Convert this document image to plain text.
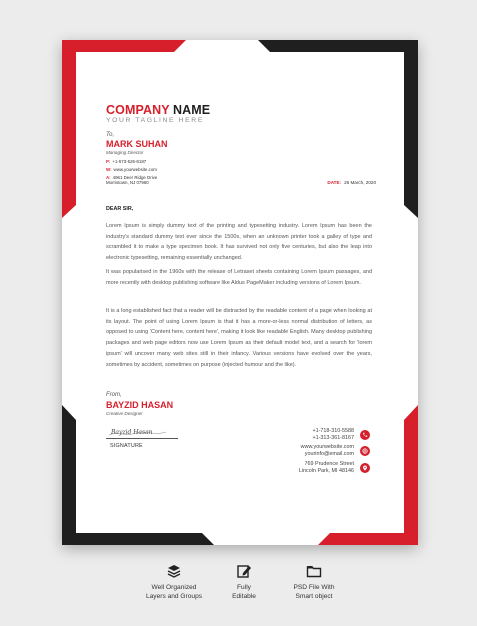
COMPANY NAME
YOUR TAGLINE HERE
To,
MARK SUHAN
Managing Director
P: +1-573-526-9187
W: www.yourwebsite.com
A: 4961 Deer Ridge Drive
Morristown, NJ 07960	DATE: 26 March, 2020
DEAR SIR,

Lorem Ipsum is simply dummy text of the printing and typesetting industry. Lorem Ipsum has been the industry's standard dummy text ever since the 1500s, when an unknown printer took a galley of type and scrambled it to make a type specimen book. It has survived not only five centuries, but also the leap into electronic typesetting, remaining essentially unchanged.

It was popularised in the 1960s with the release of Letraset sheets containing Lorem Ipsum passages, and more recently with desktop publishing software like Aldus PageMaker including versions of Lorem Ipsum.

It is a long established fact that a reader will be distracted by the readable content of a page when looking at its layout. The point of using Lorem Ipsum is that it has a more-or-less normal distribution of letters, as opposed to using 'Content here, content here', making it look like readable English. Many desktop publishing packages and web page editors now use Lorem Ipsum as their default model text, and a search for 'lorem ipsum' will uncover many web sites still in their infancy. Various versions have evolved over the years, sometimes by accident, sometimes on purpose (injected humour and the like).

From,
BAYZID HASAN
Creative Designer
Bayzid Hasan
SIGNATURE
+1-718-310-5588
+1-313-361-8167
www.yourwebsite.com
yourinfo@email.com
769 Prudence Street
Lincoln Park, MI 48146
Well Organized
Layers and Groups
Fully
Editable
PSD File With
Smart object
